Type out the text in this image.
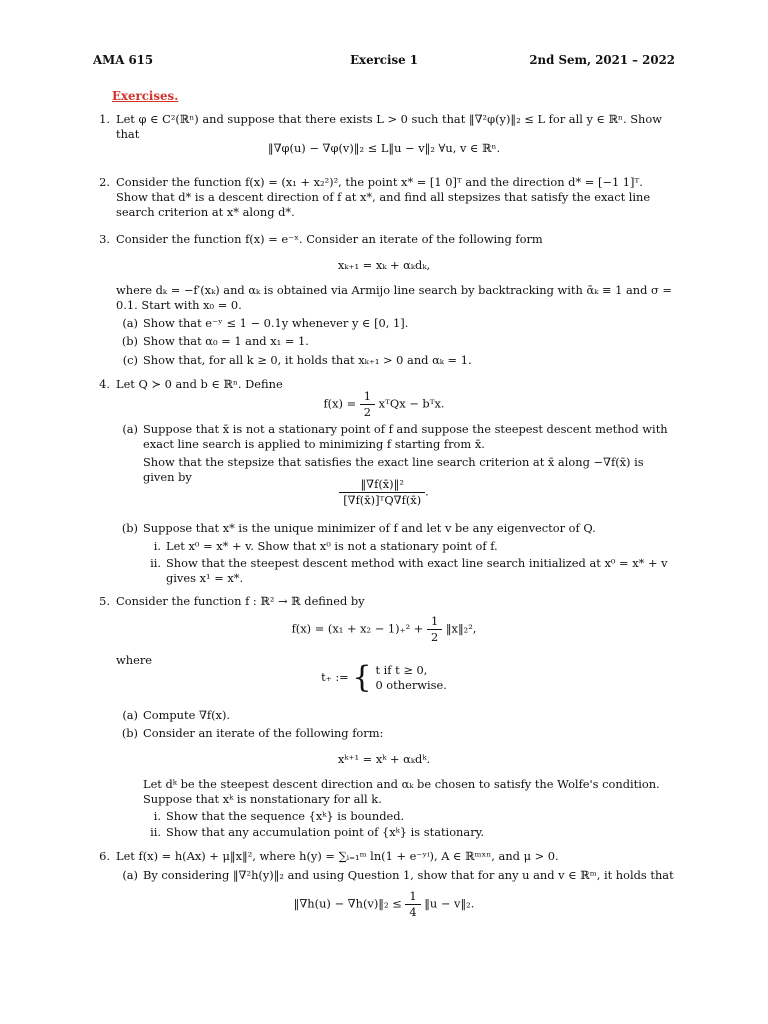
AMA 615	Exercise 1	2nd Sem, 2021 – 2022
Exercises.
1. Let φ ∈ C²(ℝⁿ) and suppose that there exists L > 0 such that ‖∇²φ(y)‖₂ ≤ L for all y ∈ ℝⁿ. Show that
‖∇φ(u) − ∇φ(v)‖₂ ≤ L‖u − v‖₂ ∀u, v ∈ ℝⁿ.
2. Consider the function f(x) = (x₁ + x₂²)², the point x* = [1 0]ᵀ and the direction d* = [−1 1]ᵀ. Show that d* is a descent direction of f at x*, and find all stepsizes that satisfy the exact line search criterion at x* along d*.
3. Consider the function f(x) = e⁻ˣ. Consider an iterate of the following form
xₖ₊₁ = xₖ + αₖdₖ,
where dₖ = −f′(xₖ) and αₖ is obtained via Armijo line search by backtracking with ᾱₖ ≡ 1 and σ = 0.1. Start with x₀ = 0.
(a) Show that e⁻ʸ ≤ 1 − 0.1y whenever y ∈ [0, 1].
(b) Show that α₀ = 1 and x₁ = 1.
(c) Show that, for all k ≥ 0, it holds that xₖ₊₁ > 0 and αₖ = 1.
4. Let Q ≻ 0 and b ∈ ℝⁿ. Define
$f(x) = \frac{1}{2}$ xᵀQx − bᵀx.
(a) Suppose that x̄ is not a stationary point of f and suppose the steepest descent method with exact line search is applied to minimizing f starting from x̄.
Show that the stepsize that satisfies the exact line search criterion at x̄ along −∇f(x̄) is given by
$\frac{\text{‖∇f(x̄)‖²}}{\text{[∇f(x̄)]ᵀQ∇f(x̄)}}$ .
(b) Suppose that x* is the unique minimizer of f and let v be any eigenvector of Q.
i. Let x⁰ = x* + v. Show that x⁰ is not a stationary point of f.
ii. Show that the steepest descent method with exact line search initialized at x⁰ = x* + v gives x¹ = x*.
5. Consider the function f : ℝ² → ℝ defined by
$f(x) = (x_1 + x_2 - 1)_+^2 + \frac{1}{2}$ ‖x‖₂²,
where
t₊ := { t if t ≥ 0,
0 otherwise.
(a) Compute ∇f(x).
(b) Consider an iterate of the following form:
xᵏ⁺¹ = xᵏ + αₖdᵏ.
Let dᵏ be the steepest descent direction and αₖ be chosen to satisfy the Wolfe's condition. Suppose that xᵏ is nonstationary for all k.
i. Show that the sequence {xᵏ} is bounded.
ii. Show that any accumulation point of {xᵏ} is stationary.
6. Let f(x) = h(Ax) + μ‖x‖², where h(y) = ∑ᵢ₌₁ᵐ ln(1 + e⁻ʸⁱ), A ∈ ℝᵐˣⁿ, and μ > 0.
(a) By considering ‖∇²h(y)‖₂ and using Question 1, show that for any u and v ∈ ℝᵐ, it holds that
‖∇h(u) − ∇h(v)‖₂ ≤ $\frac{1}{4}$ ‖u − v‖₂.
